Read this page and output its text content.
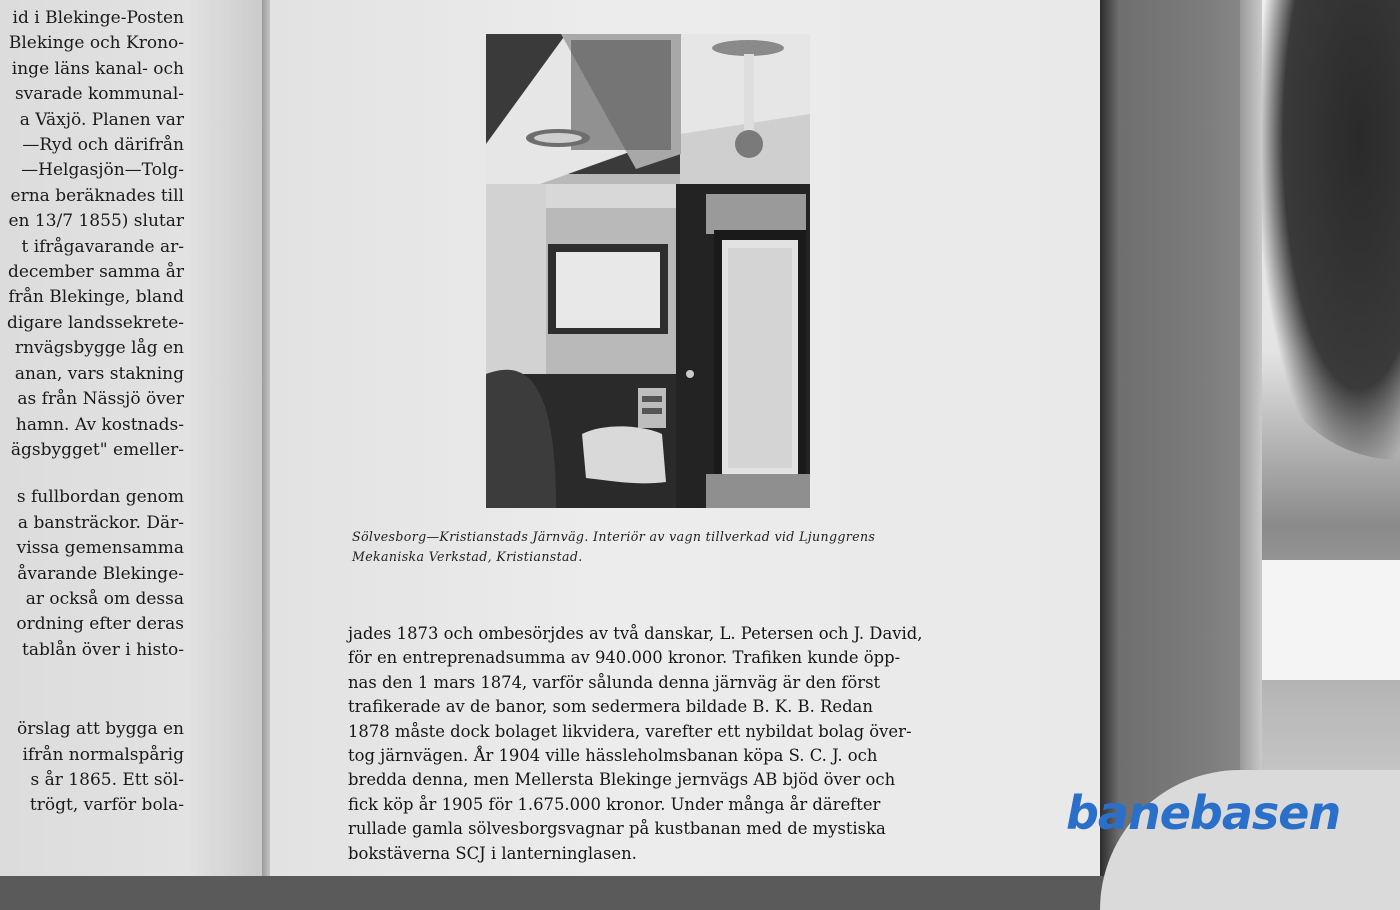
id i Blekinge-Posten
Blekinge och Krono-
inge läns kanal- och
svarade kommunal-
a Växjö. Planen var
—Ryd och därifrån
—Helgasjön—Tolg-
erna beräknades till
en 13/7 1855) slutar
t ifrågavarande ar-
december samma år
från Blekinge, bland
digare landssekrete-
rnvägsbygge låg en
anan, vars stakning
as från Nässjö över
hamn. Av kostnads-
ägsbygget" emeller-
s fullbordan genom
a bansträckor. Där-
vissa gemensamma
åvarande Blekinge-
ar också om dessa
ordning efter deras
tablån över i histo-
örslag att bygga en
ifrån normalspårig
s år 1865. Ett söl-
trögt, varför bola-
Sölvesborg—Kristianstads Järnväg. Interiör av vagn tillverkad vid Ljunggrens
Mekaniska Verkstad, Kristianstad.
jades 1873 och ombesörjdes av två danskar, L. Petersen och J. David,
för en entreprenadsumma av 940.000 kronor. Trafiken kunde öpp-
nas den 1 mars 1874, varför sålunda denna järnväg är den först
trafikerade av de banor, som sedermera bildade B. K. B. Redan
1878 måste dock bolaget likvidera, varefter ett nybildat bolag över-
tog järnvägen. År 1904 ville hässleholmsbanan köpa S. C. J. och
bredda denna, men Mellersta Blekinge jernvägs AB bjöd över och
fick köp år 1905 för 1.675.000 kronor. Under många år därefter
rullade gamla sölvesborgsvagnar på kustbanan med de mystiska
bokstäverna SCJ i lanterninglasen.
banebasen
